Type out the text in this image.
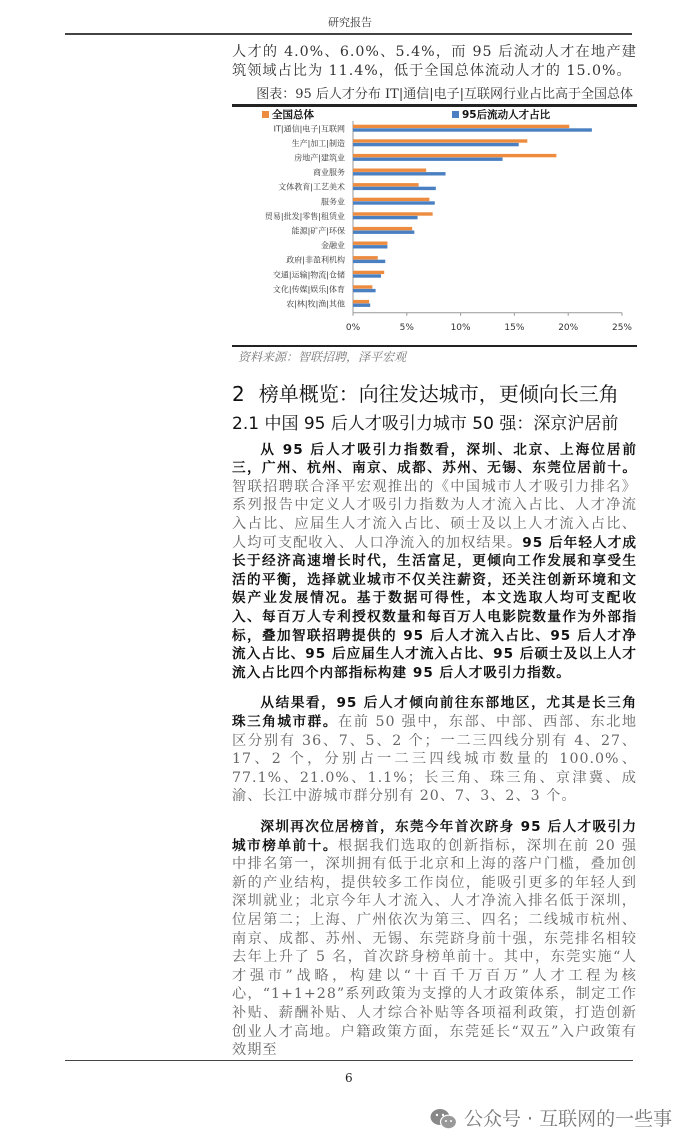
研究报告

人才的 4.0%、6.0%、5.4%，而 95 后流动人才在地产建筑领域占比为 11.4%，低于全国总体流动人才的 15.0%。

图表：95 后人才分布 IT|通信|电子|互联网行业占比高于全国总体
全国总体	95后流动人才占比
IT|通信|电子|互联网
生产|加工|制造
房地产|建筑业
商业服务
文体教育|工艺美术
服务业
贸易|批发|零售|租赁业
能源|矿产|环保
金融业
政府|非盈利机构
交通|运输|物流|仓储
文化|传媒|娱乐|体育
农|林|牧|渔|其他
0%	5%	10%	15%	20%	25%
资料来源：智联招聘，泽平宏观
2 榜单概览：向往发达城市，更倾向长三角
2.1 中国 95 后人才吸引力城市 50 强：深京沪居前

从 95 后人才吸引力指数看，深圳、北京、上海位居前三，广州、杭州、南京、成都、苏州、无锡、东莞位居前十。智联招聘联合泽平宏观推出的《中国城市人才吸引力排名》系列报告中定义人才吸引力指数为人才流入占比、人才净流入占比、应届生人才流入占比、硕士及以上人才流入占比、人均可支配收入、人口净流入的加权结果。95 后年轻人才成长于经济高速增长时代，生活富足，更倾向工作发展和享受生活的平衡，选择就业城市不仅关注薪资，还关注创新环境和文娱产业发展情况。基于数据可得性，本文选取人均可支配收入、每百万人专利授权数量和每百万人电影院数量作为外部指标，叠加智联招聘提供的 95 后人才流入占比、95 后人才净流入占比、95 后应届生人才流入占比、95 后硕士及以上人才流入占比四个内部指标构建 95 后人才吸引力指数。

从结果看，95 后人才倾向前往东部地区，尤其是长三角珠三角城市群。在前 50 强中，东部、中部、西部、东北地区分别有 36、7、5、2 个；一二三四线分别有 4、27、17、2 个，分别占一二三四线城市数量的 100.0%、77.1%、21.0%、1.1%；长三角、珠三角、京津冀、成渝、长江中游城市群分别有 20、7、3、2、3 个。

深圳再次位居榜首，东莞今年首次跻身 95 后人才吸引力城市榜单前十。根据我们选取的创新指标，深圳在前 20 强中排名第一，深圳拥有低于北京和上海的落户门槛，叠加创新的产业结构，提供较多工作岗位，能吸引更多的年轻人到深圳就业；北京今年人才流入、人才净流入排名低于深圳，位居第二；上海、广州依次为第三、四名；二线城市杭州、南京、成都、苏州、无锡、东莞跻身前十强，东莞排名相较去年上升了 5 名，首次跻身榜单前十。其中，东莞实施“人才强市”战略，构建以“十百千万百万”人才工程为核心，“1+1+28”系列政策为支撑的人才政策体系，制定工作补贴、薪酬补贴、人才综合补贴等各项福利政策，打造创新创业人才高地。户籍政策方面，东莞延长“双五”入户政策有效期至

6
公众号 · 互联网的一些事
